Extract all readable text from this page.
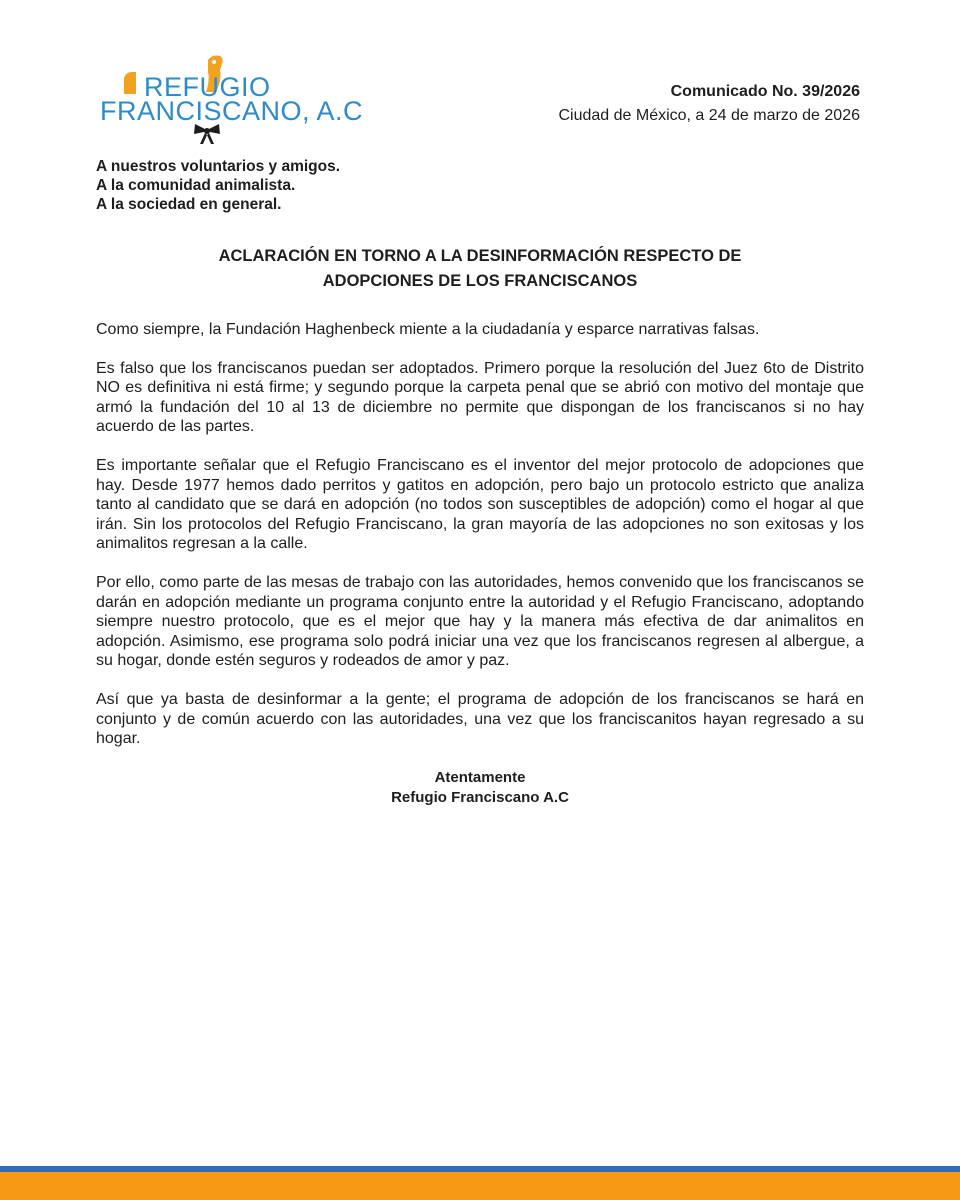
REFUGIO
FRANCISCANO, A.C
Comunicado No. 39/2026
Ciudad de México, a 24 de marzo de 2026
A nuestros voluntarios y amigos.
A la comunidad animalista.
A la sociedad en general.
ACLARACIÓN EN TORNO A LA DESINFORMACIÓN RESPECTO DE
ADOPCIONES DE LOS FRANCISCANOS

Como siempre, la Fundación Haghenbeck miente a la ciudadanía y esparce narrativas falsas.

Es falso que los franciscanos puedan ser adoptados. Primero porque la resolución del Juez 6to de Distrito NO es definitiva ni está firme; y segundo porque la carpeta penal que se abrió con motivo del montaje que armó la fundación del 10 al 13 de diciembre no permite que dispongan de los franciscanos si no hay acuerdo de las partes.

Es importante señalar que el Refugio Franciscano es el inventor del mejor protocolo de adopciones que hay. Desde 1977 hemos dado perritos y gatitos en adopción, pero bajo un protocolo estricto que analiza tanto al candidato que se dará en adopción (no todos son susceptibles de adopción) como el hogar al que irán. Sin los protocolos del Refugio Franciscano, la gran mayoría de las adopciones no son exitosas y los animalitos regresan a la calle.

Por ello, como parte de las mesas de trabajo con las autoridades, hemos convenido que los franciscanos se darán en adopción mediante un programa conjunto entre la autoridad y el Refugio Franciscano, adoptando siempre nuestro protocolo, que es el mejor que hay y la manera más efectiva de dar animalitos en adopción. Asimismo, ese programa solo podrá iniciar una vez que los franciscanos regresen al albergue, a su hogar, donde estén seguros y rodeados de amor y paz.

Así que ya basta de desinformar a la gente; el programa de adopción de los franciscanos se hará en conjunto y de común acuerdo con las autoridades, una vez que los franciscanitos hayan regresado a su hogar.

Atentamente
Refugio Franciscano A.C
